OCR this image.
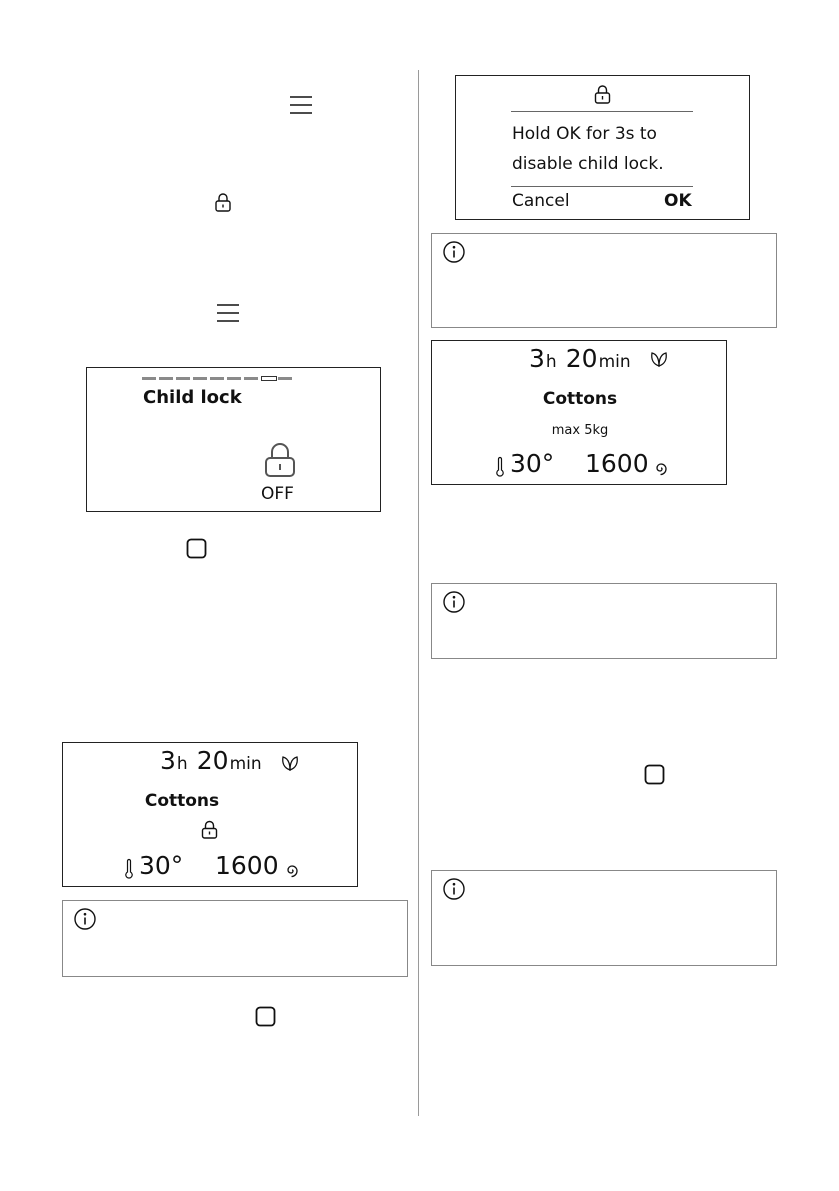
Child lock
OFF
3h 20min
Cottons
30° 1600
Hold OK for 3s to
disable child lock.
Cancel	OK
3h 20min
Cottons
max 5kg
30° 1600
